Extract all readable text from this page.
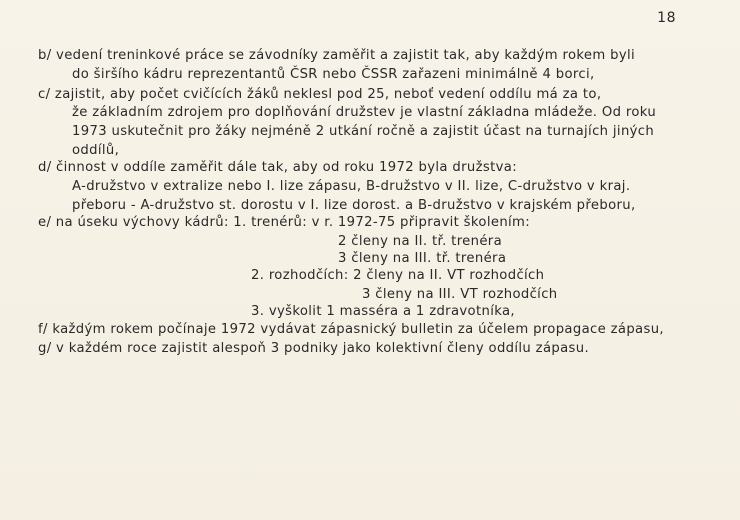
18
b/ vedení treninkové práce se závodníky zaměřit a zajistit tak, aby každým rokem byli
do širšího kádru reprezentantů ČSR nebo ČSSR zařazeni minimálně 4 borci,
c/ zajistit, aby počet cvičících žáků neklesl pod 25, neboť vedení oddílu má za to,
že základním zdrojem pro doplňování družstev je vlastní základna mládeže. Od roku
1973 uskutečnit pro žáky nejméně 2 utkání ročně a zajistit účast na turnajích jiných
oddílů,
d/ činnost v oddíle zaměřit dále tak, aby od roku 1972 byla družstva:
A-družstvo v extralize nebo I. lize zápasu, B-družstvo v II. lize, C-družstvo v kraj.
přeboru - A-družstvo st. dorostu v I. lize dorost. a B-družstvo v krajském přeboru,
e/ na úseku výchovy kádrů: 1. trenérů: v r. 1972-75 připravit školením:
2 členy na II. tř. trenéra
3 členy na III. tř. trenéra
2. rozhodčích: 2 členy na II. VT rozhodčích
3 členy na III. VT rozhodčích
3. vyškolit 1 masséra a 1 zdravotníka,
f/ každým rokem počínaje 1972 vydávat zápasnický bulletin za účelem propagace zápasu,
g/ v každém roce zajistit alespoň 3 podniky jako kolektivní členy oddílu zápasu.
